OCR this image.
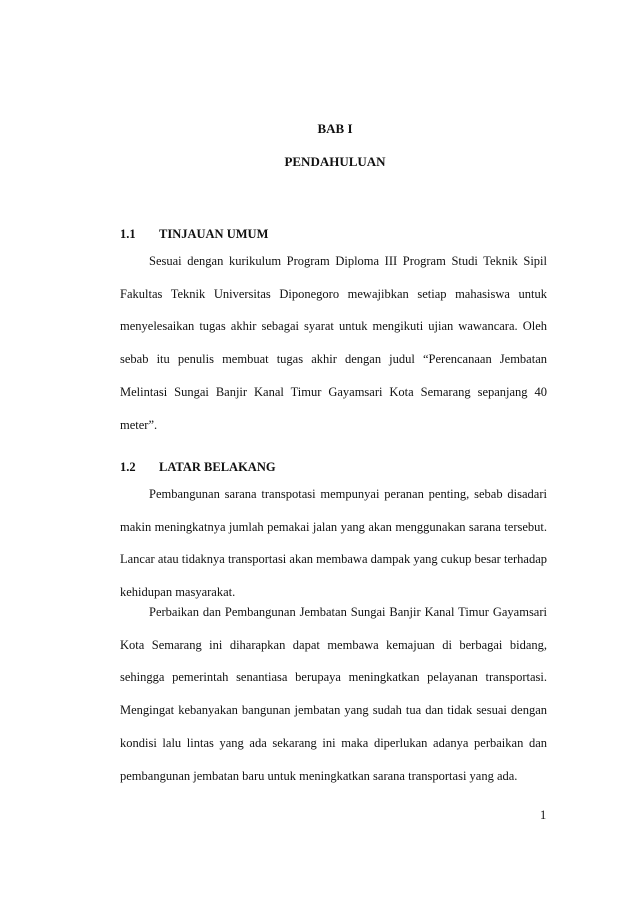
BAB I
PENDAHULUAN
1.1 TINJAUAN UMUM

Sesuai dengan kurikulum Program Diploma III Program Studi Teknik Sipil Fakultas Teknik Universitas Diponegoro mewajibkan setiap mahasiswa untuk menyelesaikan tugas akhir sebagai syarat untuk mengikuti ujian wawancara. Oleh sebab itu penulis membuat tugas akhir dengan judul “Perencanaan Jembatan Melintasi Sungai Banjir Kanal Timur Gayamsari Kota Semarang sepanjang 40 meter”.

1.2 LATAR BELAKANG

Pembangunan sarana transpotasi mempunyai peranan penting, sebab disadari makin meningkatnya jumlah pemakai jalan yang akan menggunakan sarana tersebut. Lancar atau tidaknya transportasi akan membawa dampak yang cukup besar terhadap kehidupan masyarakat.

Perbaikan dan Pembangunan Jembatan Sungai Banjir Kanal Timur Gayamsari Kota Semarang ini diharapkan dapat membawa kemajuan di berbagai bidang, sehingga pemerintah senantiasa berupaya meningkatkan pelayanan transportasi. Mengingat kebanyakan bangunan jembatan yang sudah tua dan tidak sesuai dengan kondisi lalu lintas yang ada sekarang ini maka diperlukan adanya perbaikan dan pembangunan jembatan baru untuk meningkatkan sarana transportasi yang ada.

1
